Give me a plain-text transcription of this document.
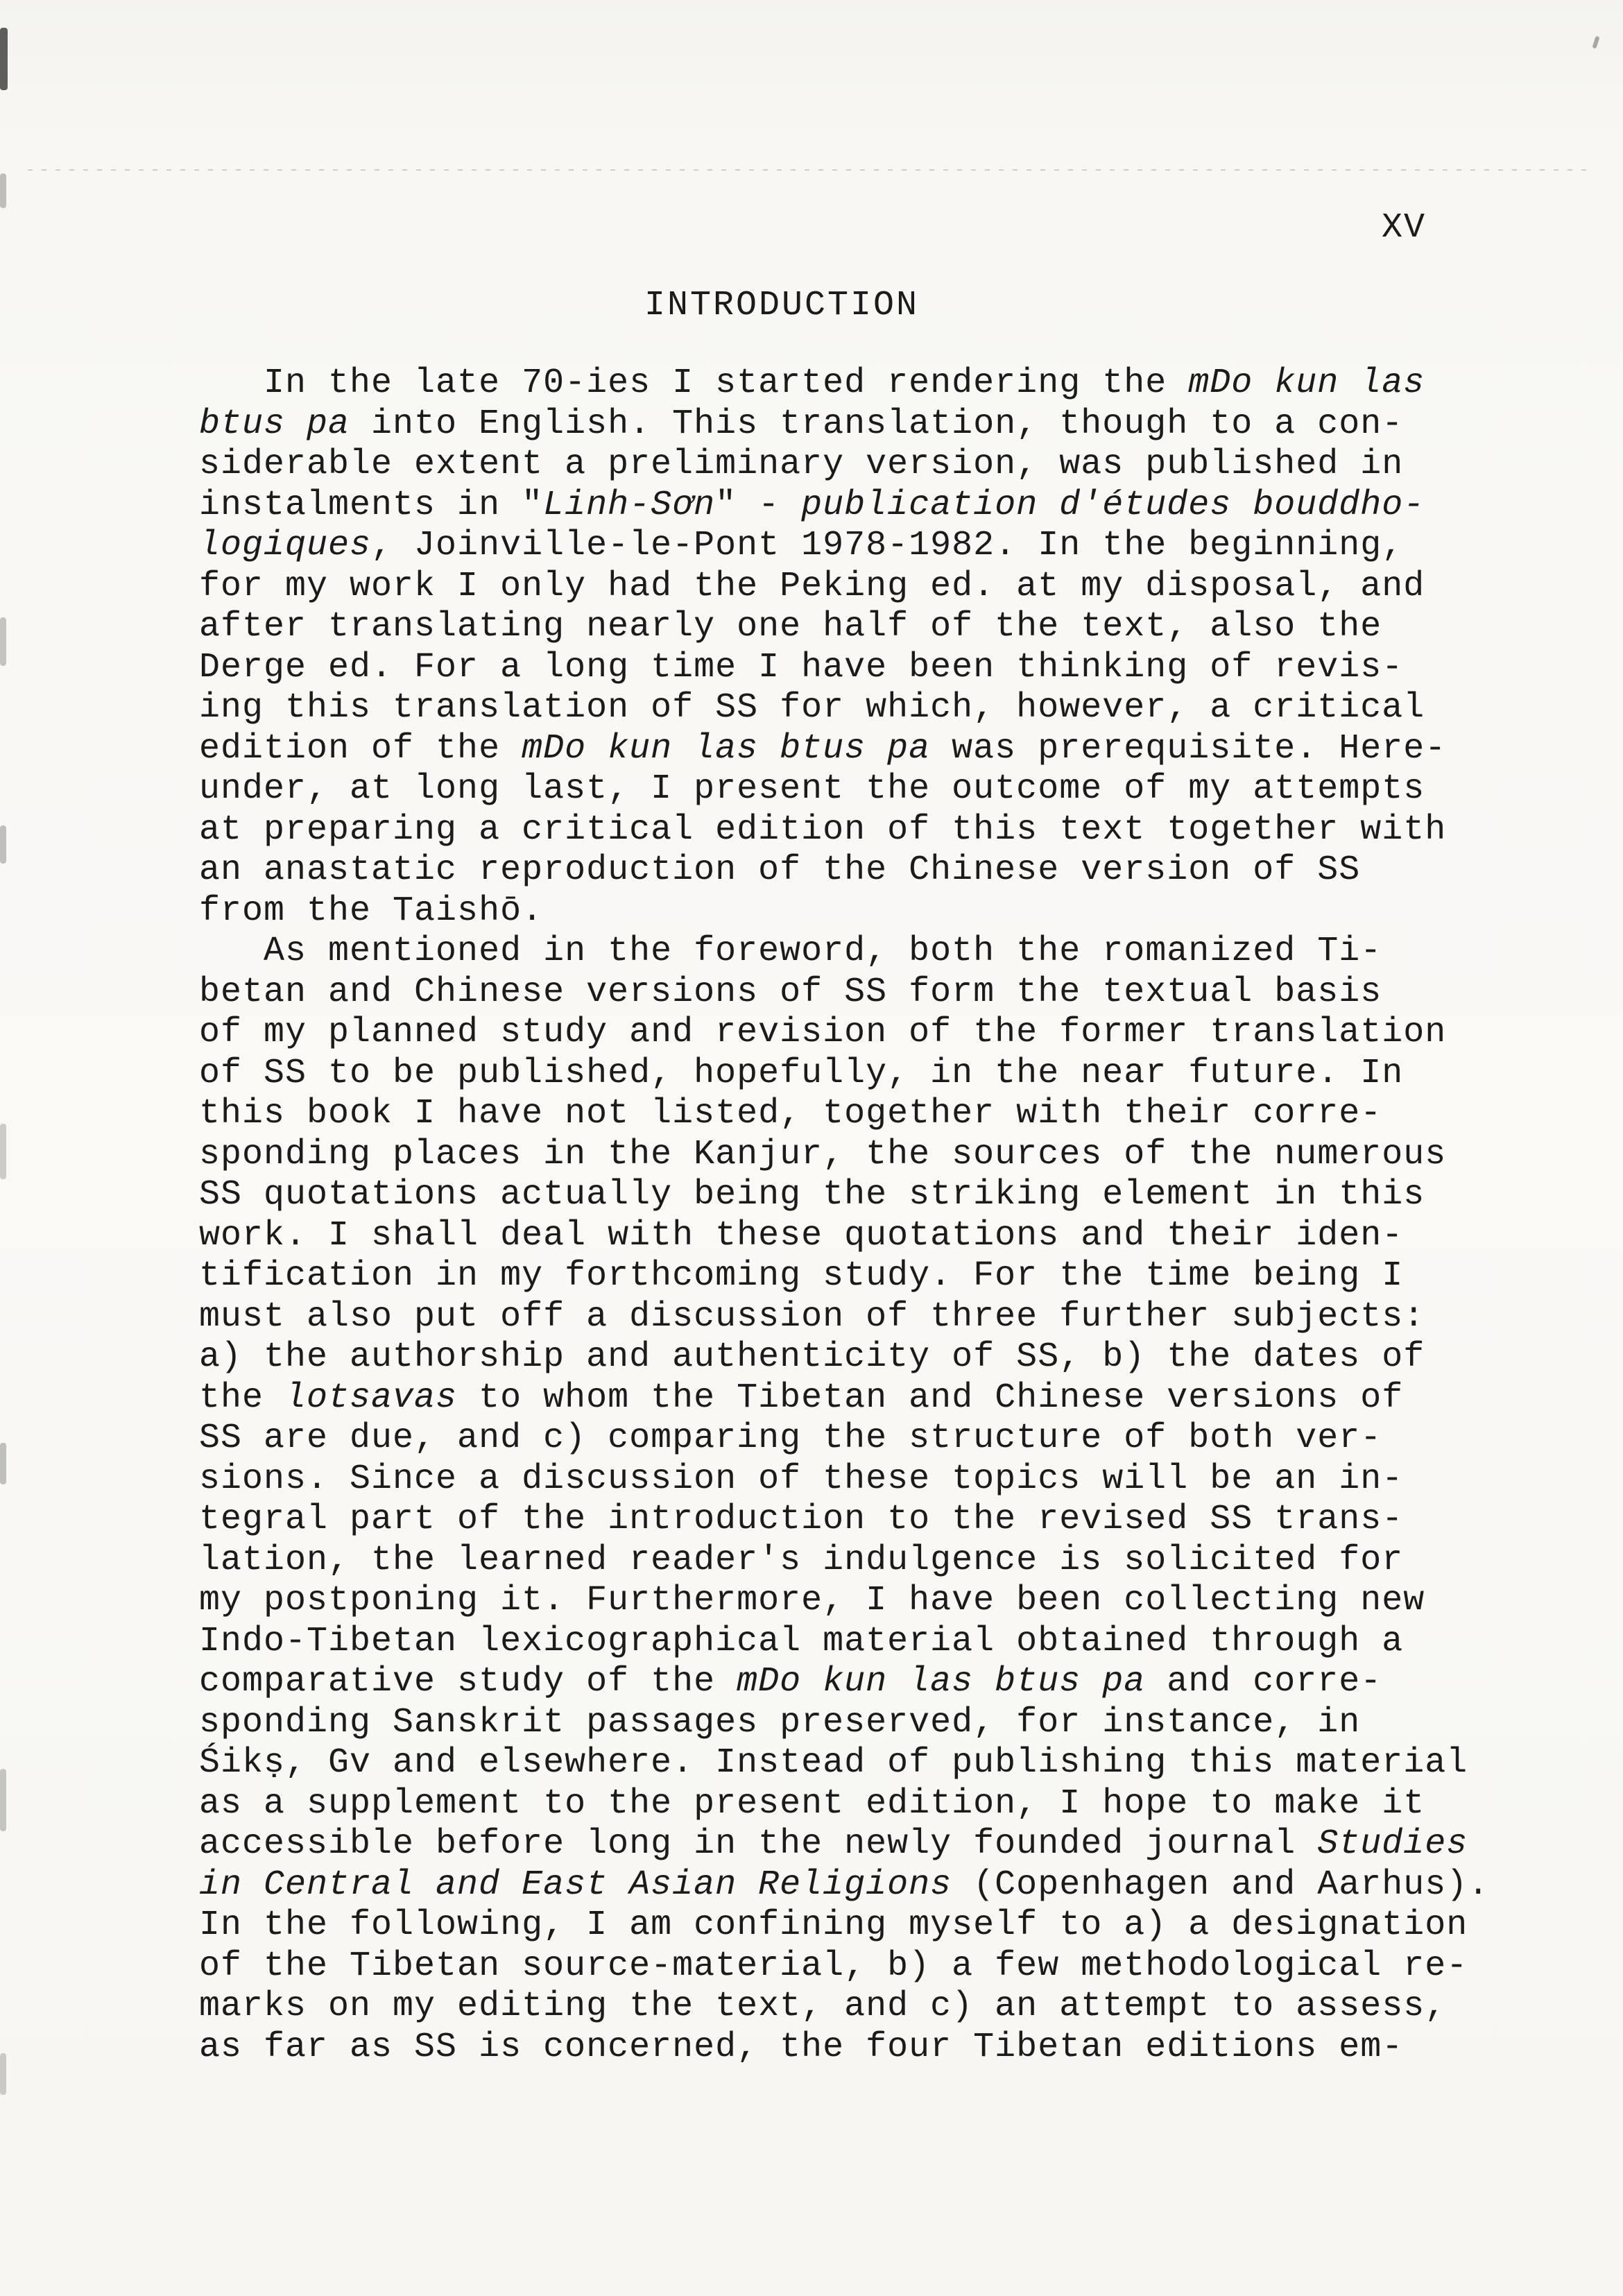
XV
INTRODUCTION
In the late 70-ies I started rendering the mDo kun las
btus pa into English. This translation, though to a con-
siderable extent a preliminary version, was published in
instalments in "Linh-Sơn" - publication d'études bouddho-
logiques, Joinville-le-Pont 1978-1982. In the beginning,
for my work I only had the Peking ed. at my disposal, and
after translating nearly one half of the text, also the
Derge ed. For a long time I have been thinking of revis-
ing this translation of SS for which, however, a critical
edition of the mDo kun las btus pa was prerequisite. Here-
under, at long last, I present the outcome of my attempts
at preparing a critical edition of this text together with
an anastatic reproduction of the Chinese version of SS
from the Taishō.
As mentioned in the foreword, both the romanized Ti-
betan and Chinese versions of SS form the textual basis
of my planned study and revision of the former translation
of SS to be published, hopefully, in the near future. In
this book I have not listed, together with their corre-
sponding places in the Kanjur, the sources of the numerous
SS quotations actually being the striking element in this
work. I shall deal with these quotations and their iden-
tification in my forthcoming study. For the time being I
must also put off a discussion of three further subjects:
a) the authorship and authenticity of SS, b) the dates of
the lotsavas to whom the Tibetan and Chinese versions of
SS are due, and c) comparing the structure of both ver-
sions. Since a discussion of these topics will be an in-
tegral part of the introduction to the revised SS trans-
lation, the learned reader's indulgence is solicited for
my postponing it. Furthermore, I have been collecting new
Indo-Tibetan lexicographical material obtained through a
comparative study of the mDo kun las btus pa and corre-
sponding Sanskrit passages preserved, for instance, in
Śikṣ, Gv and elsewhere. Instead of publishing this material
as a supplement to the present edition, I hope to make it
accessible before long in the newly founded journal Studies
in Central and East Asian Religions (Copenhagen and Aarhus).
In the following, I am confining myself to a) a designation
of the Tibetan source-material, b) a few methodological re-
marks on my editing the text, and c) an attempt to assess,
as far as SS is concerned, the four Tibetan editions em-
